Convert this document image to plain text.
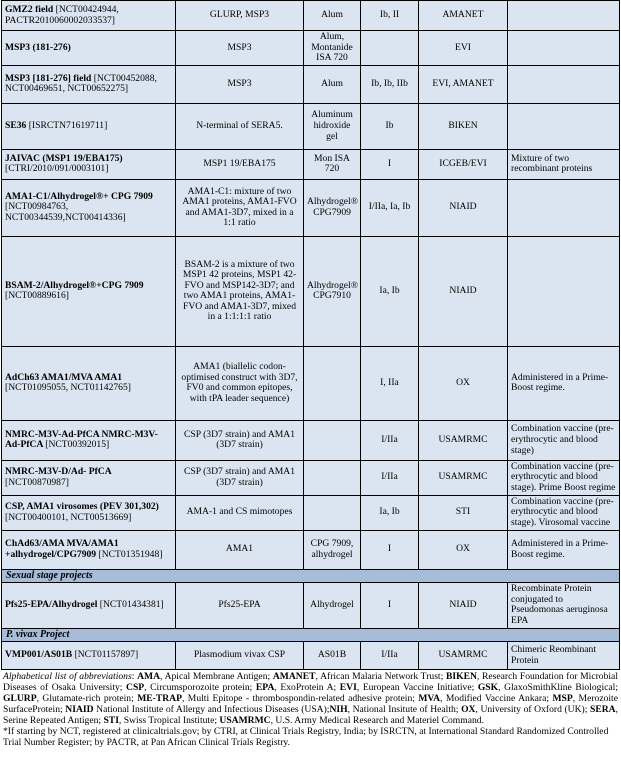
GMZ2 field [NCT00424944, PACTR2010060002033537]	GLURP, MSP3	Alum	Ib, II	AMANET	
MSP3 (181-276)	MSP3	Alum, Montanide ISA 720		EVI	
MSP3 [181-276] field [NCT00452088, NCT00469651, NCT00652275]	MSP3	Alum	Ib, Ib, IIb	EVI, AMANET	
SE36 [ISRCTN71619711]	N-terminal of SERA5.	Aluminum hidroxide gel	Ib	BIKEN	
JAIVAC (MSP1 19/EBA175) [CTRI/2010/091/0003101]	MSP1 19/EBA175	Mon ISA 720	I	ICGEB/EVI	Mixture of two recombinant proteins
AMA1-C1/Alhydrogel®+ CPG 7909 [NCT00984763, NCT00344539,NCT00414336]	AMA1-C1: mixture of two AMA1 proteins, AMA1-FVO and AMA1-3D7, mixed in a 1:1 ratio	Alhydrogel® CPG7909	I/IIa, Ia, Ib	NIAID	
BSAM-2/Alhydrogel®+CPG 7909 [NCT00889616]	BSAM-2 is a mixture of two MSP1 42 proteins, MSP1 42-FVO and MSP142-3D7; and two AMA1 proteins, AMA1-FVO and AMA1-3D7, mixed in a 1:1:1:1 ratio	Alhydrogel® CPG7910	Ia, Ib	NIAID	
AdCh63 AMA1/MVA AMA1 [NCT01095055, NCT01142765]	AMA1 (biallelic codon-optimised construct with 3D7, FV0 and common epitopes, with tPA leader sequence)		I, IIa	OX	Administered in a Prime-Boost regime.
NMRC-M3V-Ad-PfCA NMRC-M3V-Ad-PfCA [NCT00392015]	CSP (3D7 strain) and AMA1 (3D7 strain)		I/IIa	USAMRMC	Combination vaccine (pre-erythrocytic and blood stage)
NMRC-M3V-D/Ad- PfCA [NCT00870987]	CSP (3D7 strain) and AMA1 (3D7 strain)		I/IIa	USAMRMC	Combination vaccine (pre-erythrocytic and blood stage). Prime Boost regime
CSP, AMA1 virosomes (PEV 301,302) [NCT00400101, NCT00513669]	AMA-1 and CS mimotopes		Ia, Ib	STI	Combination vaccine (pre-erythrocytic and blood stage). Virosomal vaccine
ChAd63/AMA MVA/AMA1 +alhydrogel/CPG7909 [NCT01351948]	AMA1	CPG 7909, alhydrogel	I	OX	Administered in a Prime-Boost regime.
Sexual stage projects					
Pfs25-EPA/Alhydrogel [NCT01434381]	Pfs25-EPA	Alhydrogel	I	NIAID	Recombinate Protein conjugated to Pseudomonas aeruginosa EPA
P. vivax Project					
VMP001/AS01B [NCT01157897]	Plasmodium vivax CSP	AS01B	I/IIa	USAMRMC	Chimeric Reombinant Protein
Alphabetical list of abbreviations: AMA, Apical Membrane Antigen; AMANET, African Malaria Network Trust; BIKEN, Research Foundation for Microbial Diseases of Osaka University; CSP, Circumsporozoite protein; EPA, ExoProtein A; EVI, European Vaccine Initiative; GSK, GlaxoSmithKline Biological; GLURP, Glutamate-rich protein; ME-TRAP, Multi Epitope - thrombospondin-related adhesive protein; MVA, Modified Vaccine Ankara; MSP, Merozoite SurfaceProtein; NIAID National Institute of Allergy and Infectious Diseases (USA);NIH, National Insitute of Health; OX, University of Oxford (UK); SERA, Serine Repeated Antigen; STI, Swiss Tropical Institute; USAMRMC, U.S. Army Medical Research and Materiel Command.
*If starting by NCT, registered at clinicaltrials.gov; by CTRI, at Clinical Trials Registry, India; by ISRCTN, at International Standard Randomized Controlled Trial Number Register; by PACTR, at Pan African Clinical Trials Registry.
